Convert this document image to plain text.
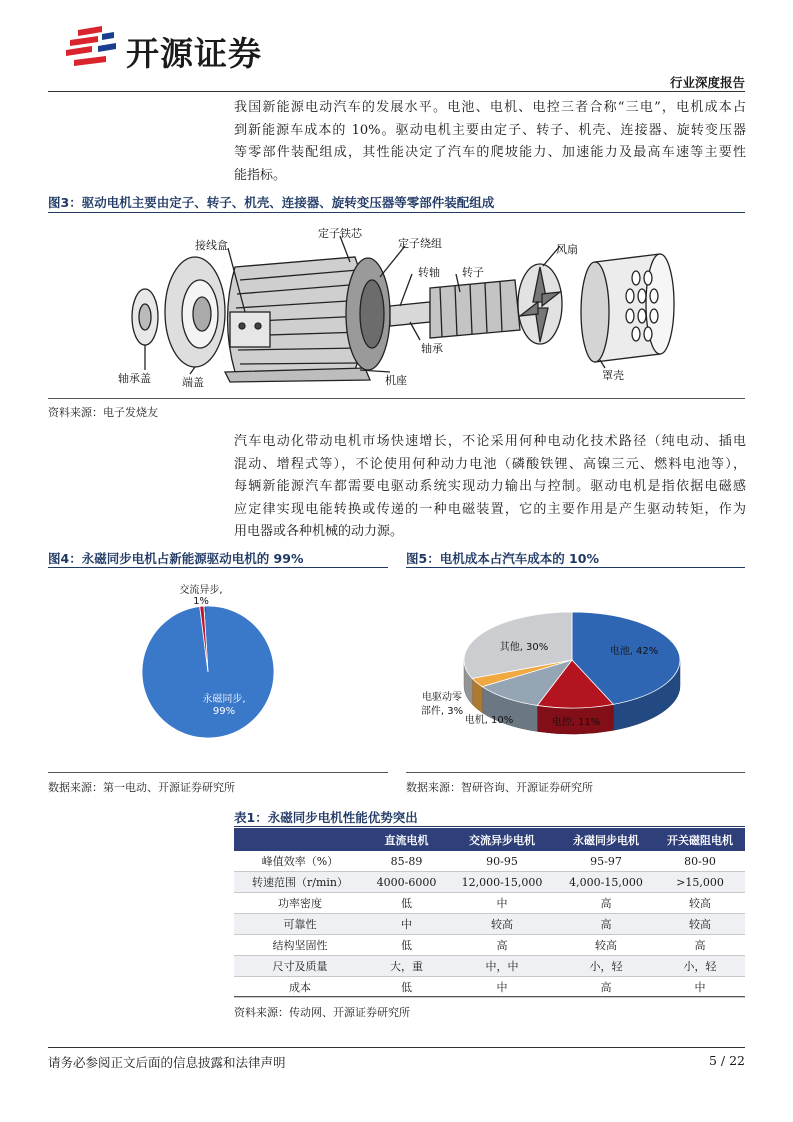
开源证券
行业深度报告
我国新能源电动汽车的发展水平。电池、电机、电控三者合称“三电”，电机成本占
到新能源车成本的 10%。驱动电机主要由定子、转子、机壳、连接器、旋转变压器
等零部件装配组成，其性能决定了汽车的爬坡能力、加速能力及最高车速等主要性
能指标。
图3：驱动电机主要由定子、转子、机壳、连接器、旋转变压器等零部件装配组成
接线盒
定子铁芯
定子绕组
转轴 转子
风扇
轴承盖	端盖
轴承
机座	罩壳
资料来源：电子发烧友
汽车电动化带动电机市场快速增长，不论采用何种电动化技术路径（纯电动、插电
混动、增程式等），不论使用何种动力电池（磷酸铁锂、高镍三元、燃料电池等），
每辆新能源汽车都需要电驱动系统实现动力输出与控制。驱动电机是指依据电磁感
应定律实现电能转换或传递的一种电磁装置，它的主要作用是产生驱动转矩，作为
用电器或各种机械的动力源。
图4：永磁同步电机占新能源驱动电机的 99%
交流异步,
1%
永磁同步,
99%
数据来源：第一电动、开源证券研究所
图5：电机成本占汽车成本的 10%
电池, 42%
电控, 11%
电机, 10%
电驱动零
部件, 3%
其他, 30%
数据来源：智研咨询、开源证券研究所
表1：永磁同步电机性能优势突出
	直流电机	交流异步电机	永磁同步电机	开关磁阻电机
峰值效率（%）	85-89	90-95	95-97	80-90
转速范围（r/min）	4000-6000	12,000-15,000	4,000-15,000	>15,000
功率密度	低	中	高	较高
可靠性	中	较高	高	较高
结构坚固性	低	高	较高	高
尺寸及质量	大，重	中，中	小，轻	小，轻
成本	低	中	高	中
资料来源：传动网、开源证券研究所
请务必参阅正文后面的信息披露和法律声明	5 / 22
